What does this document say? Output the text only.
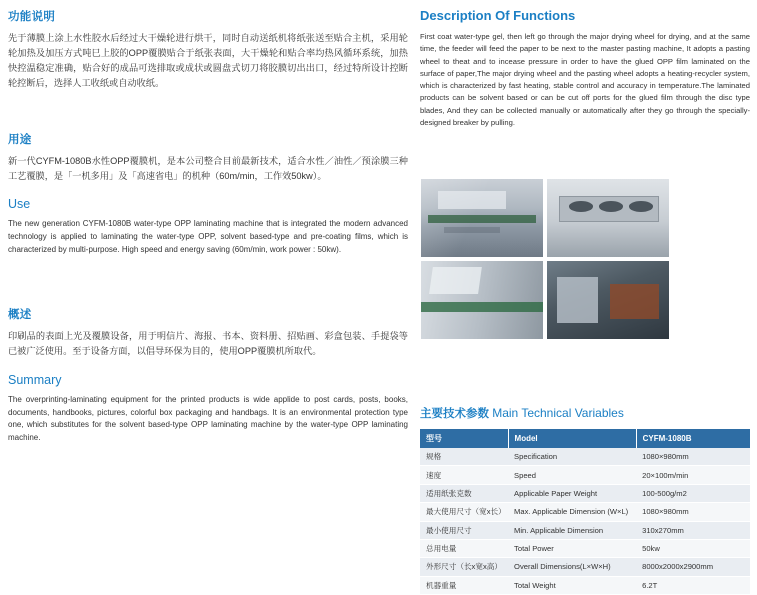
功能说明

先于薄膜上涂上水性胶水后经过大干燥轮进行烘干，同时自动送纸机将纸张送至贴合主机，采用轮轮加热及加压方式吨巳上胶的OPP覆膜贴合于纸张表面，大干燥轮和贴合率均热风循环系统，加热快控温稳定准确，贴合好的成品可选排取或成状或圆盘式切刀将胶膜切出出口，经过特所设计控断轮控断后，选择人工收纸或自动收纸。

用途

新一代CYFM-1080B水性OPP覆膜机，是本公司整合目前最新技术，适合水性／油性／预涂膜三种工艺覆膜，是「一机多用」及「高速省电」的机种（60m/min，工作效50kw）。

Use

The new generation CYFM-1080B water-type OPP laminating machine that is integrated the modern advanced technology is applied to laminating the water-type OPP, solvent based-type and pre-coating films, which is characterized by multi-purpose. High speed and energy saving (60m/min, work power : 50kw).

概述

印刷品的表面上光及覆膜设备，用于明信片、海报、书本、资料册、招贴画、彩盒包装、手提袋等已被广泛使用。至于设备方面，以倡导环保为目的，使用OPP覆膜机所取代。

Summary

The overprinting-laminating equipment for the printed products is wide applide to post cards, posts, books, documents, handbooks, pictures, colorful box packaging and handbags. It is an environmental protection type one, which substitutes for the solvent based-type OPP laminating machine by the water-type OPP laminating machine.

Description Of Functions

First coat water-type gel, then left go through the major drying wheel for drying, and at the same time, the feeder will feed the paper to be next to the master pasting machine, It adopts a pasting wheel to theat and to incease pressure in order to have the glued OPP film laminated on the surface of paper,The major drying wheel and the pasting wheel adopts a heating-recycler system, which is characterized by fast heating, stable control and accuracy in temperature.The laminated products can be solvent based or can be cut off ports for the glued film through the disc type blades, And they can be collected manually or automatically after they go through the specially-designed breaker by pulling.

主要技术参数 Main Technical Variables
型号	Model	CYFM-1080B
规格	Specification	1080×980mm
速度	Speed	20×100m/min
适用纸张克数	Applicable Paper Weight	100-500g/m2
最大使用尺寸（宽x长）	Max. Applicable Dimension (W×L)	1080×980mm
最小使用尺寸	Min. Applicable Dimension	310x270mm
总用电量	Total Power	50kw
外形尺寸（长x宽x高）	Overall Dimensions(L×W×H)	8000x2000x2900mm
机器重量	Total Weight	6.2T
